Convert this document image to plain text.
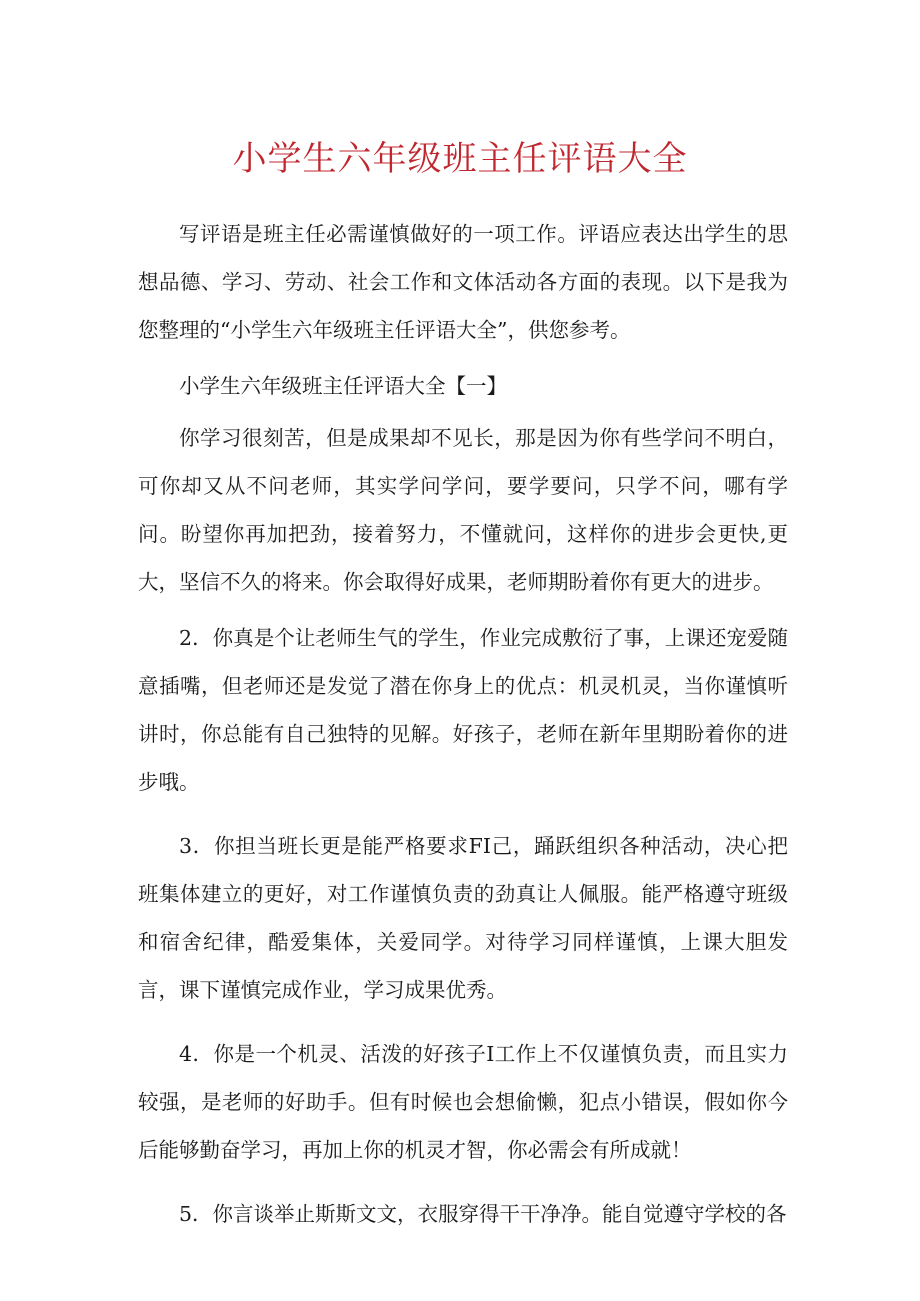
小学生六年级班主任评语大全

写评语是班主任必需谨慎做好的一项工作。评语应表达出学生的思想品德、学习、劳动、社会工作和文体活动各方面的表现。以下是我为您整理的“小学生六年级班主任评语大全”，供您参考。

小学生六年级班主任评语大全【一】

你学习很刻苦，但是成果却不见长，那是因为你有些学问不明白，可你却又从不问老师，其实学问学问，要学要问，只学不问，哪有学问。盼望你再加把劲，接着努力，不懂就问，这样你的进步会更快,更大，坚信不久的将来。你会取得好成果，老师期盼着你有更大的进步。

2．你真是个让老师生气的学生，作业完成敷衍了事，上课还宠爱随意插嘴，但老师还是发觉了潜在你身上的优点：机灵机灵，当你谨慎听讲时，你总能有自己独特的见解。好孩子，老师在新年里期盼着你的进步哦。

3．你担当班长更是能严格要求FI己，踊跃组织各种活动，决心把班集体建立的更好，对工作谨慎负责的劲真让人佩服。能严格遵守班级和宿舍纪律，酷爱集体，关爱同学。对待学习同样谨慎，上课大胆发言，课下谨慎完成作业，学习成果优秀。

4．你是一个机灵、活泼的好孩子I工作上不仅谨慎负责，而且实力较强，是老师的好助手。但有时候也会想偷懒，犯点小错误，假如你今后能够勤奋学习，再加上你的机灵才智，你必需会有所成就！

5．你言谈举止斯斯文文，衣服穿得干干净净。能自觉遵守学校的各
